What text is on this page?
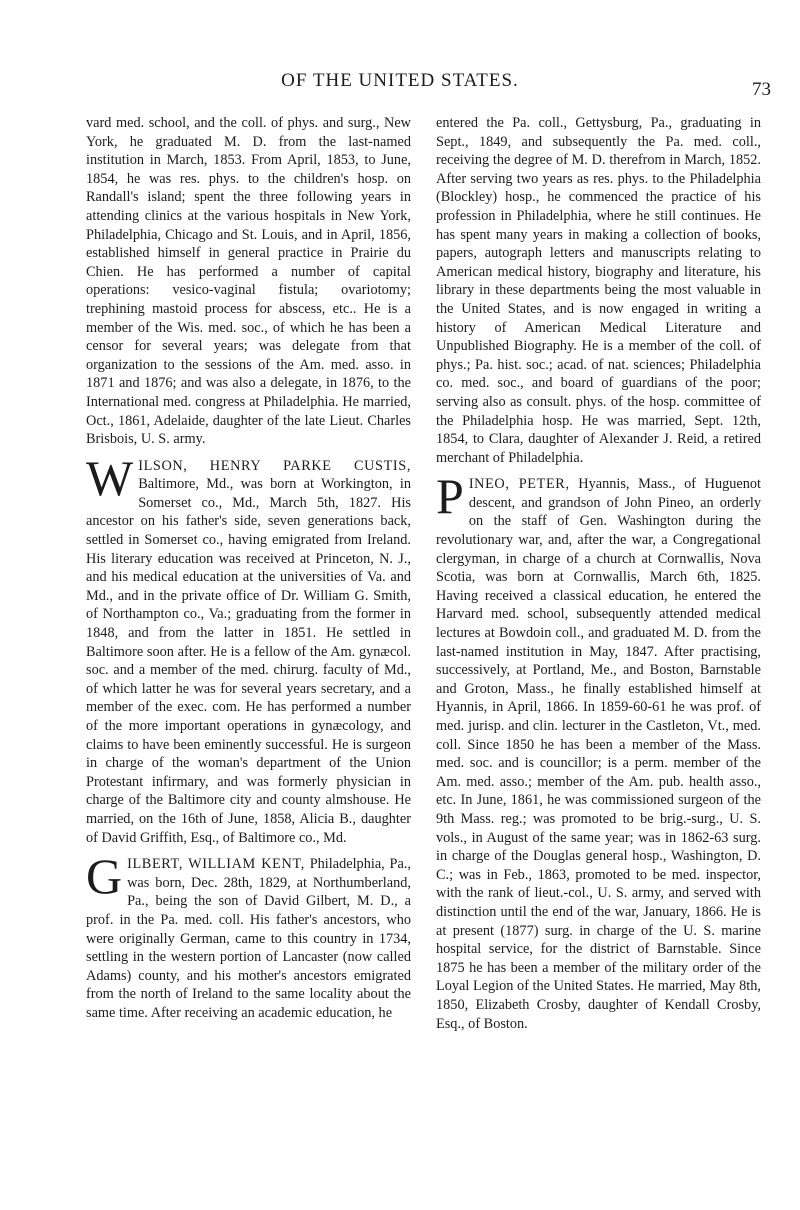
OF THE UNITED STATES.	73

vard med. school, and the coll. of phys. and surg., New York, he graduated M. D. from the last-named institution in March, 1853. From April, 1853, to June, 1854, he was res. phys. to the children's hosp. on Randall's island; spent the three following years in attending clinics at the various hospitals in New York, Philadelphia, Chicago and St. Louis, and in April, 1856, established himself in general practice in Prairie du Chien. He has performed a number of capital operations: vesico-vaginal fistula; ovariotomy; trephining mastoid process for abscess, etc.. He is a member of the Wis. med. soc., of which he has been a censor for several years; was delegate from that organization to the sessions of the Am. med. asso. in 1871 and 1876; and was also a delegate, in 1876, to the International med. congress at Philadelphia. He married, Oct., 1861, Adelaide, daughter of the late Lieut. Charles Brisbois, U. S. army.

WILSON, HENRY PARKE CUSTIS, Baltimore, Md., was born at Workington, in Somerset co., Md., March 5th, 1827. His ancestor on his father's side, seven generations back, settled in Somerset co., having emigrated from Ireland. His literary education was received at Princeton, N. J., and his medical education at the universities of Va. and Md., and in the private office of Dr. William G. Smith, of Northampton co., Va.; graduating from the former in 1848, and from the latter in 1851. He settled in Baltimore soon after. He is a fellow of the Am. gynæcol. soc. and a member of the med. chirurg. faculty of Md., of which latter he was for several years secretary, and a member of the exec. com. He has performed a number of the more important operations in gynæcology, and claims to have been eminently successful. He is surgeon in charge of the woman's department of the Union Protestant infirmary, and was formerly physician in charge of the Baltimore city and county almshouse. He married, on the 16th of June, 1858, Alicia B., daughter of David Griffith, Esq., of Baltimore co., Md.

GILBERT, WILLIAM KENT, Philadelphia, Pa., was born, Dec. 28th, 1829, at Northumberland, Pa., being the son of David Gilbert, M. D., a prof. in the Pa. med. coll. His father's ancestors, who were originally German, came to this country in 1734, settling in the western portion of Lancaster (now called Adams) county, and his mother's ancestors emigrated from the north of Ireland to the same locality about the same time. After receiving an academic education, he

entered the Pa. coll., Gettysburg, Pa., graduating in Sept., 1849, and subsequently the Pa. med. coll., receiving the degree of M. D. therefrom in March, 1852. After serving two years as res. phys. to the Philadelphia (Blockley) hosp., he commenced the practice of his profession in Philadelphia, where he still continues. He has spent many years in making a collection of books, papers, autograph letters and manuscripts relating to American medical history, biography and literature, his library in these departments being the most valuable in the United States, and is now engaged in writing a history of American Medical Literature and Unpublished Biography. He is a member of the coll. of phys.; Pa. hist. soc.; acad. of nat. sciences; Philadelphia co. med. soc., and board of guardians of the poor; serving also as consult. phys. of the hosp. committee of the Philadelphia hosp. He was married, Sept. 12th, 1854, to Clara, daughter of Alexander J. Reid, a retired merchant of Philadelphia.

PINEO, PETER, Hyannis, Mass., of Huguenot descent, and grandson of John Pineo, an orderly on the staff of Gen. Washington during the revolutionary war, and, after the war, a Congregational clergyman, in charge of a church at Cornwallis, Nova Scotia, was born at Cornwallis, March 6th, 1825. Having received a classical education, he entered the Harvard med. school, subsequently attended medical lectures at Bowdoin coll., and graduated M. D. from the last-named institution in May, 1847. After practising, successively, at Portland, Me., and Boston, Barnstable and Groton, Mass., he finally established himself at Hyannis, in April, 1866. In 1859-60-61 he was prof. of med. jurisp. and clin. lecturer in the Castleton, Vt., med. coll. Since 1850 he has been a member of the Mass. med. soc. and is councillor; is a perm. member of the Am. med. asso.; member of the Am. pub. health asso., etc. In June, 1861, he was commissioned surgeon of the 9th Mass. reg.; was promoted to be brig.-surg., U. S. vols., in August of the same year; was in 1862-63 surg. in charge of the Douglas general hosp., Washington, D. C.; was in Feb., 1863, promoted to be med. inspector, with the rank of lieut.-col., U. S. army, and served with distinction until the end of the war, January, 1866. He is at present (1877) surg. in charge of the U. S. marine hospital service, for the district of Barnstable. Since 1875 he has been a member of the military order of the Loyal Legion of the United States. He married, May 8th, 1850, Elizabeth Crosby, daughter of Kendall Crosby, Esq., of Boston.
